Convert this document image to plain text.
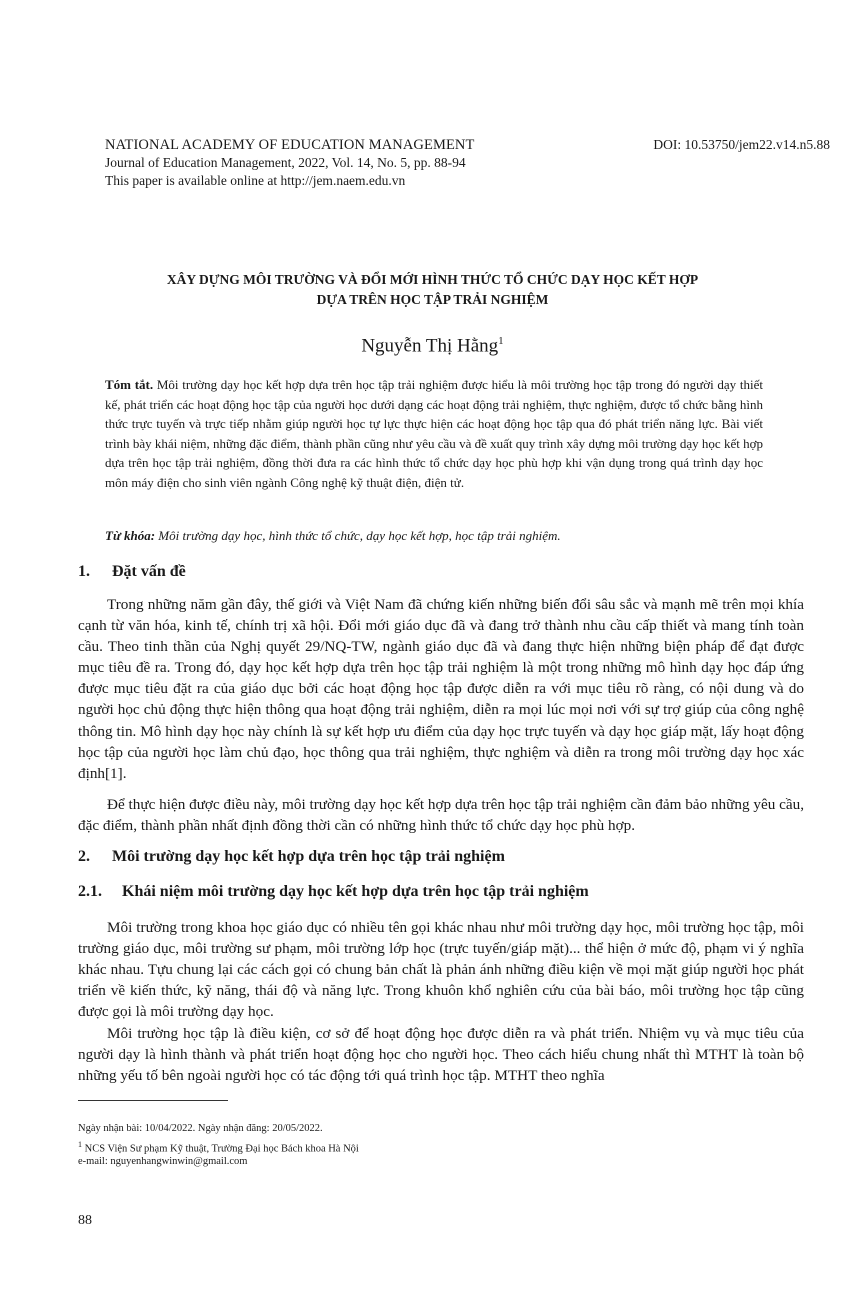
NATIONAL ACADEMY OF EDUCATION MANAGEMENT
Journal of Education Management, 2022, Vol. 14, No. 5, pp. 88-94
This paper is available online at http://jem.naem.edu.vn
DOI: 10.53750/jem22.v14.n5.88
XÂY DỰNG MÔI TRƯỜNG VÀ ĐỔI MỚI HÌNH THỨC TỔ CHỨC DẠY HỌC KẾT HỢP
DỰA TRÊN HỌC TẬP TRẢI NGHIỆM
Nguyễn Thị Hằng$^1$
Tóm tắt. Môi trường dạy học kết hợp dựa trên học tập trải nghiệm được hiểu là môi trường học tập trong đó người dạy thiết kế, phát triển các hoạt động học tập của người học dưới dạng các hoạt động trải nghiệm, thực nghiệm, được tổ chức bằng hình thức trực tuyến và trực tiếp nhằm giúp người học tự lực thực hiện các hoạt động học tập qua đó phát triển năng lực. Bài viết trình bày khái niệm, những đặc điểm, thành phần cũng như yêu cầu và đề xuất quy trình xây dựng môi trường dạy học kết hợp dựa trên học tập trải nghiệm, đồng thời đưa ra các hình thức tổ chức dạy học phù hợp khi vận dụng trong quá trình dạy học môn máy điện cho sinh viên ngành Công nghệ kỹ thuật điện, điện tử.
Từ khóa: Môi trường dạy học, hình thức tổ chức, dạy học kết hợp, học tập trải nghiệm.
1. Đặt vấn đề

Trong những năm gần đây, thế giới và Việt Nam đã chứng kiến những biến đổi sâu sắc và mạnh mẽ trên mọi khía cạnh từ văn hóa, kinh tế, chính trị xã hội. Đổi mới giáo dục đã và đang trở thành nhu cầu cấp thiết và mang tính toàn cầu. Theo tinh thần của Nghị quyết 29/NQ-TW, ngành giáo dục đã và đang thực hiện những biện pháp để đạt được mục tiêu đề ra. Trong đó, dạy học kết hợp dựa trên học tập trải nghiệm là một trong những mô hình dạy học đáp ứng được mục tiêu đặt ra của giáo dục bởi các hoạt động học tập được diễn ra với mục tiêu rõ ràng, có nội dung và do người học chủ động thực hiện thông qua hoạt động trải nghiệm, diễn ra mọi lúc mọi nơi với sự trợ giúp của công nghệ thông tin. Mô hình dạy học này chính là sự kết hợp ưu điểm của dạy học trực tuyến và dạy học giáp mặt, lấy hoạt động học tập của người học làm chủ đạo, học thông qua trải nghiệm, thực nghiệm và diễn ra trong môi trường dạy học xác định[1].

Để thực hiện được điều này, môi trường dạy học kết hợp dựa trên học tập trải nghiệm cần đảm bảo những yêu cầu, đặc điểm, thành phần nhất định đồng thời cần có những hình thức tổ chức dạy học phù hợp.

2. Môi trường dạy học kết hợp dựa trên học tập trải nghiệm
2.1. Khái niệm môi trường dạy học kết hợp dựa trên học tập trải nghiệm

Môi trường trong khoa học giáo dục có nhiều tên gọi khác nhau như môi trường dạy học, môi trường học tập, môi trường giáo dục, môi trường sư phạm, môi trường lớp học (trực tuyến/giáp mặt)... thể hiện ở mức độ, phạm vi ý nghĩa khác nhau. Tựu chung lại các cách gọi có chung bản chất là phản ánh những điều kiện về mọi mặt giúp người học phát triển về kiến thức, kỹ năng, thái độ và năng lực. Trong khuôn khổ nghiên cứu của bài báo, môi trường học tập cũng được gọi là môi trường dạy học.

Môi trường học tập là điều kiện, cơ sở để hoạt động học được diễn ra và phát triển. Nhiệm vụ và mục tiêu của người dạy là hình thành và phát triển hoạt động học cho người học. Theo cách hiểu chung nhất thì MTHT là toàn bộ những yếu tố bên ngoài người học có tác động tới quá trình học tập. MTHT theo nghĩa

Ngày nhận bài: 10/04/2022. Ngày nhận đăng: 20/05/2022.
$^1$ NCS Viện Sư phạm Kỹ thuật, Trường Đại học Bách khoa Hà Nội
e-mail: nguyenhangwinwin@gmail.com
88
